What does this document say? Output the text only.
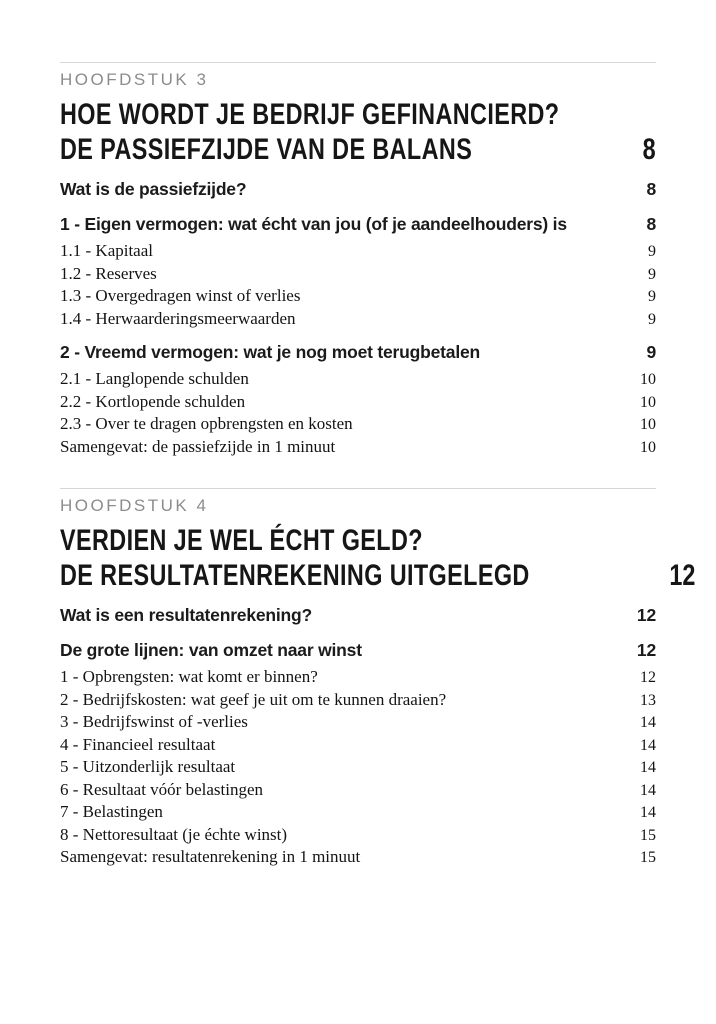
HOOFDSTUK 3
HOE WORDT JE BEDRIJF GEFINANCIERD?
DE PASSIEFZIJDE VAN DE BALANS	8
Wat is de passiefzijde?	8
1 - Eigen vermogen: wat écht van jou (of je aandeelhouders) is	8
1.1 - Kapitaal	9
1.2 - Reserves	9
1.3 - Overgedragen winst of verlies	9
1.4 - Herwaarderingsmeerwaarden	9
2 - Vreemd vermogen: wat je nog moet terugbetalen	9
2.1 - Langlopende schulden	10
2.2 - Kortlopende schulden	10
2.3 - Over te dragen opbrengsten en kosten	10
Samengevat: de passiefzijde in 1 minuut	10
HOOFDSTUK 4
VERDIEN JE WEL ÉCHT GELD?
DE RESULTATENREKENING UITGELEGD	12
Wat is een resultatenrekening?	12
De grote lijnen: van omzet naar winst	12
1 - Opbrengsten: wat komt er binnen?	12
2 - Bedrijfskosten: wat geef je uit om te kunnen draaien?	13
3 - Bedrijfswinst of -verlies	14
4 - Financieel resultaat	14
5 - Uitzonderlijk resultaat	14
6 - Resultaat vóór belastingen	14
7 - Belastingen	14
8 - Nettoresultaat (je échte winst)	15
Samengevat: resultatenrekening in 1 minuut	15
